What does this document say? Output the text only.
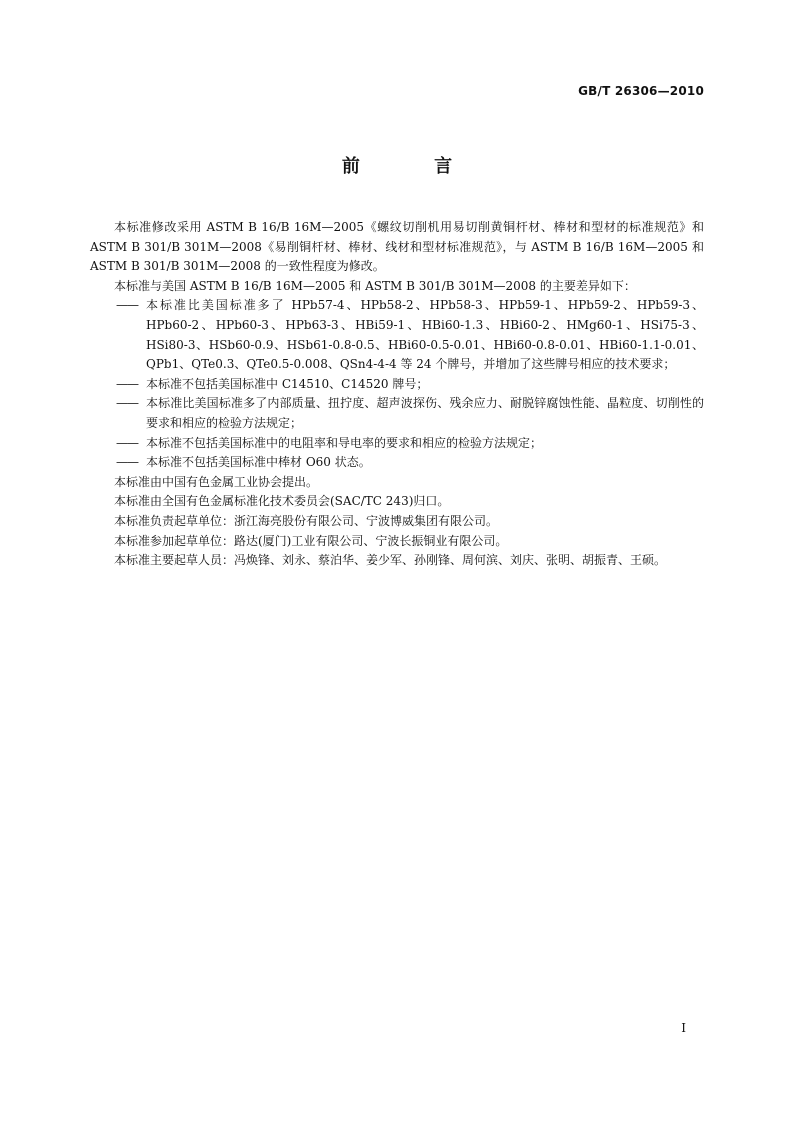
GB/T 26306—2010
前 言

本标准修改采用 ASTM B 16/B 16M—2005《螺纹切削机用易切削黄铜杆材、棒材和型材的标准规范》和 ASTM B 301/B 301M—2008《易削铜杆材、棒材、线材和型材标准规范》，与 ASTM B 16/B 16M—2005 和 ASTM B 301/B 301M—2008 的一致性程度为修改。

本标准与美国 ASTM B 16/B 16M—2005 和 ASTM B 301/B 301M—2008 的主要差异如下：

—— 本标准比美国标准多了 HPb57-4、HPb58-2、HPb58-3、HPb59-1、HPb59-2、HPb59-3、HPb60-2、HPb60-3、HPb63-3、HBi59-1、HBi60-1.3、HBi60-2、HMg60-1、HSi75-3、HSi80-3、HSb60-0.9、HSb61-0.8-0.5、HBi60-0.5-0.01、HBi60-0.8-0.01、HBi60-1.1-0.01、QPb1、QTe0.3、QTe0.5-0.008、QSn4-4-4 等 24 个牌号，并增加了这些牌号相应的技术要求；
—— 本标准不包括美国标准中 C14510、C14520 牌号；
—— 本标准比美国标准多了内部质量、扭拧度、超声波探伤、残余应力、耐脱锌腐蚀性能、晶粒度、切削性的要求和相应的检验方法规定；
—— 本标准不包括美国标准中的电阻率和导电率的要求和相应的检验方法规定；
—— 本标准不包括美国标准中棒材 O60 状态。

本标准由中国有色金属工业协会提出。

本标准由全国有色金属标准化技术委员会(SAC/TC 243)归口。

本标准负责起草单位：浙江海亮股份有限公司、宁波博威集团有限公司。

本标准参加起草单位：路达(厦门)工业有限公司、宁波长振铜业有限公司。

本标准主要起草人员：冯焕锋、刘永、蔡泊华、姜少军、孙刚锋、周何滨、刘庆、张明、胡振青、王硕。

I
